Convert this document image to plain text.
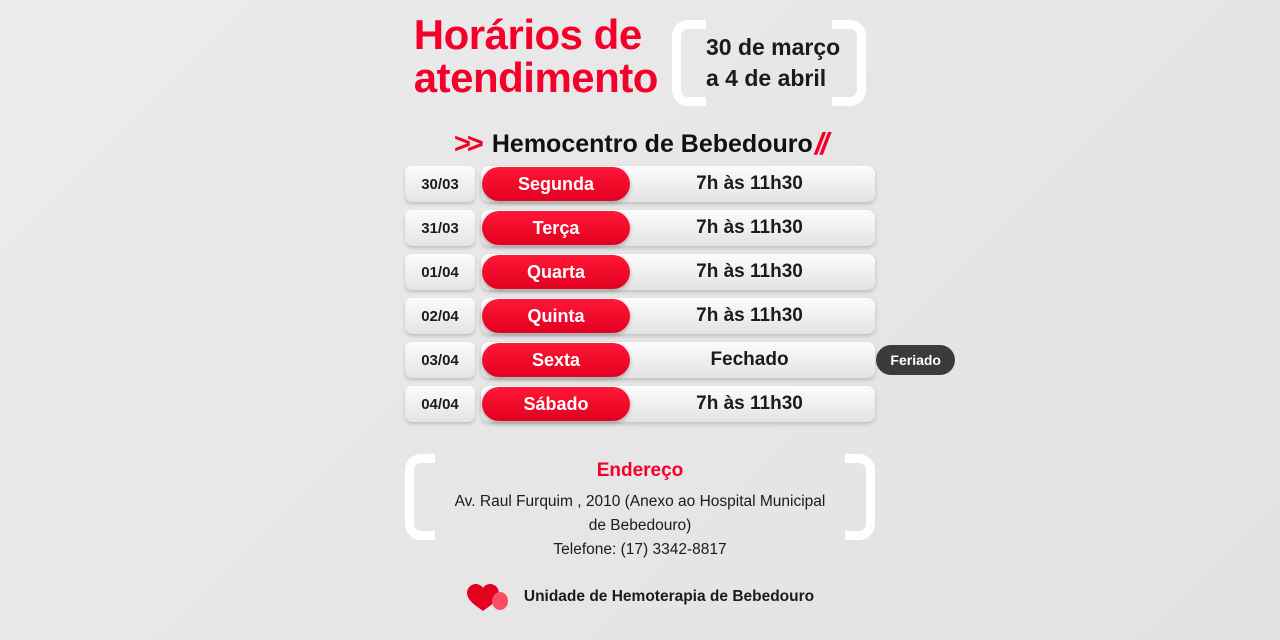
Horários de
atendimento
30 de março
a 4 de abril
>> Hemocentro de Bebedouro //
30/03	Segunda	7h às 11h30
31/03	Terça	7h às 11h30
01/04	Quarta	7h às 11h30
02/04	Quinta	7h às 11h30
03/04	Sexta	Fechado	Feriado
04/04	Sábado	7h às 11h30
Endereço
Av. Raul Furquim , 2010 (Anexo ao Hospital Municipal de Bebedouro)
Telefone: (17) 3342-8817
Unidade de Hemoterapia de Bebedouro
